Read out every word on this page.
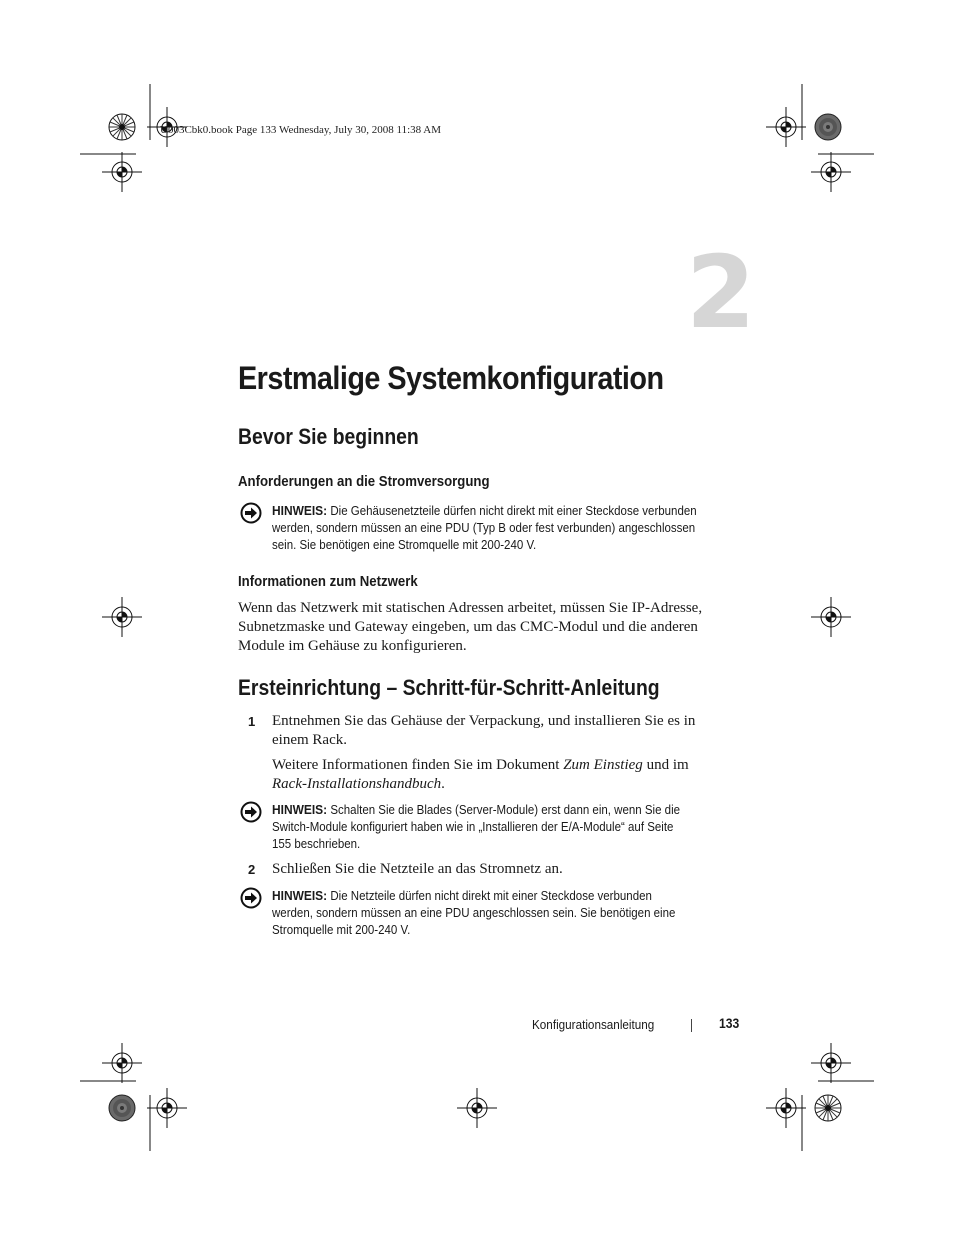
U003Cbk0.book Page 133 Wednesday, July 30, 2008 11:38 AM
2
Erstmalige Systemkonfiguration
Bevor Sie beginnen
Anforderungen an die Stromversorgung
HINWEIS: Die Gehäusenetzteile dürfen nicht direkt mit einer Steckdose verbunden werden, sondern müssen an eine PDU (Typ B oder fest verbunden) angeschlossen sein. Sie benötigen eine Stromquelle mit 200-240 V.
Informationen zum Netzwerk
Wenn das Netzwerk mit statischen Adressen arbeitet, müssen Sie IP-Adresse, Subnetzmaske und Gateway eingeben, um das CMC-Modul und die anderen Module im Gehäuse zu konfigurieren.
Ersteinrichtung – Schritt-für-Schritt-Anleitung
1 Entnehmen Sie das Gehäuse der Verpackung, und installieren Sie es in einem Rack.
Weitere Informationen finden Sie im Dokument Zum Einstieg und im Rack-Installationshandbuch.
HINWEIS: Schalten Sie die Blades (Server-Module) erst dann ein, wenn Sie die Switch-Module konfiguriert haben wie in „Installieren der E/A-Module“ auf Seite 155 beschrieben.
2 Schließen Sie die Netzteile an das Stromnetz an.
HINWEIS: Die Netzteile dürfen nicht direkt mit einer Steckdose verbunden werden, sondern müssen an eine PDU angeschlossen sein. Sie benötigen eine Stromquelle mit 200-240 V.
Konfigurationsanleitung	133
